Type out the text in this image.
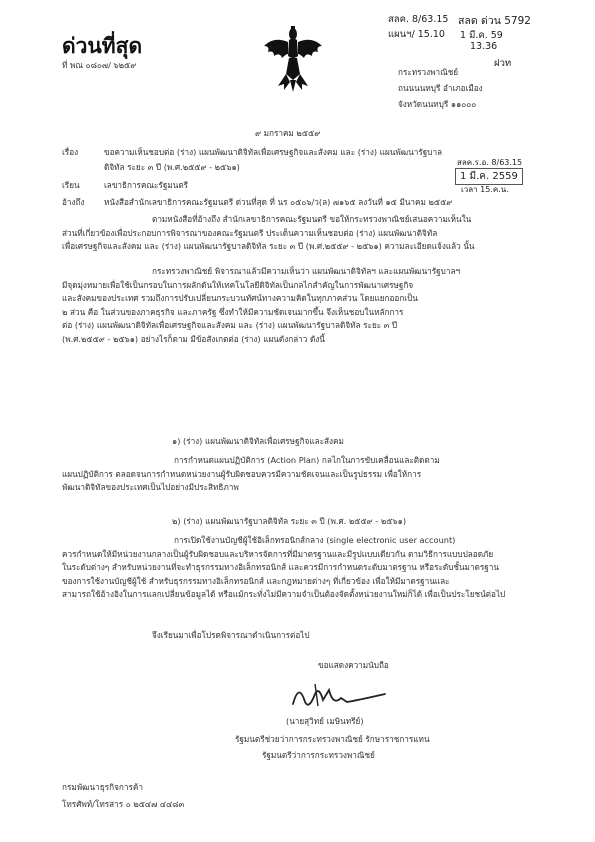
ด่วนที่สุด
ที่ พณ ๐๘๐๗/ ๖๒๕๙
สลค. 8/63.15
แผนฯ/ 15.10
สลด ด่วน 5792
1 มี.ค. 59
13.36
ฝวท
กระทรวงพาณิชย์
ถนนนนทบุรี อำเภอเมือง
จังหวัดนนทบุรี ๑๑๐๐๐
๙ มกราคม ๒๕๕๙
เรื่อง	ขอความเห็นชอบต่อ (ร่าง) แผนพัฒนาดิจิทัลเพื่อเศรษฐกิจและสังคม และ (ร่าง) แผนพัฒนารัฐบาล
ดิจิทัล ระยะ ๓ ปี (พ.ศ.๒๕๕๙ - ๒๕๖๑)	สลค.ร.อ. 8/63.15
1 มี.ค. 2559
เวลา 15.ค.น.
เรียน	เลขาธิการคณะรัฐมนตรี
อ้างถึง หนังสือสำนักเลขาธิการคณะรัฐมนตรี ด่วนที่สุด ที่ นร ๐๕๐๖/ว(ล) ๗๑๖๕ ลงวันที่ ๑๕ มีนาคม ๒๕๕๙
ตามหนังสือที่อ้างถึง สำนักเลขาธิการคณะรัฐมนตรี ขอให้กระทรวงพาณิชย์เสนอความเห็นใน
ส่วนที่เกี่ยวข้องเพื่อประกอบการพิจารณาของคณะรัฐมนตรี ประเด็นความเห็นชอบต่อ (ร่าง) แผนพัฒนาดิจิทัล
เพื่อเศรษฐกิจและสังคม และ (ร่าง) แผนพัฒนารัฐบาลดิจิทัล ระยะ ๓ ปี (พ.ศ.๒๕๕๙ - ๒๕๖๑) ความละเอียดแจ้งแล้ว นั้น
กระทรวงพาณิชย์ พิจารณาแล้วมีความเห็นว่า แผนพัฒนาดิจิทัลฯ และแผนพัฒนารัฐบาลฯ
มีจุดมุ่งหมายเพื่อใช้เป็นกรอบในการผลักดันให้เทคโนโลยีดิจิทัลเป็นกลไกสำคัญในการพัฒนาเศรษฐกิจ
และสังคมของประเทศ รวมถึงการปรับเปลี่ยนกระบวนทัศน์ทางความคิดในทุกภาคส่วน โดยแยกออกเป็น
๒ ส่วน คือ ในส่วนของภาคธุรกิจ และภาครัฐ ซึ่งทำให้มีความชัดเจนมากขึ้น จึงเห็นชอบในหลักการ
ต่อ (ร่าง) แผนพัฒนาดิจิทัลเพื่อเศรษฐกิจและสังคม และ (ร่าง) แผนพัฒนารัฐบาลดิจิทัล ระยะ ๓ ปี
(พ.ศ.๒๕๕๙ - ๒๕๖๑) อย่างไรก็ตาม มีข้อสังเกตต่อ (ร่าง) แผนดังกล่าว ดังนี้
๑) (ร่าง) แผนพัฒนาดิจิทัลเพื่อเศรษฐกิจและสังคม
การกำหนดแผนปฏิบัติการ (Action Plan) กลไกในการขับเคลื่อนและติดตาม
แผนปฏิบัติการ ตลอดจนการกำหนดหน่วยงานผู้รับผิดชอบควรมีความชัดเจนและเป็นรูปธรรม เพื่อให้การ
พัฒนาดิจิทัลของประเทศเป็นไปอย่างมีประสิทธิภาพ
๒) (ร่าง) แผนพัฒนารัฐบาลดิจิทัล ระยะ ๓ ปี (พ.ศ. ๒๕๕๙ - ๒๕๖๑)
การเปิดใช้งานบัญชีผู้ใช้อิเล็กทรอนิกส์กลาง (single electronic user account)
ควรกำหนดให้มีหน่วยงานกลางเป็นผู้รับผิดชอบและบริหารจัดการที่มีมาตรฐานและมีรูปแบบเดียวกัน ตามวิธีการแบบปลอดภัย
ในระดับต่างๆ สำหรับหน่วยงานที่จะทำธุรกรรมทางอิเล็กทรอนิกส์ และควรมีการกำหนดระดับมาตรฐาน หรือระดับชั้นมาตรฐาน
ของการใช้งานบัญชีผู้ใช้ สำหรับธุรกรรมทางอิเล็กทรอนิกส์ และกฎหมายต่างๆ ที่เกี่ยวข้อง เพื่อให้มีมาตรฐานและ
สามารถใช้อ้างอิงในการแลกเปลี่ยนข้อมูลได้ หรือแม้กระทั่งไม่มีความจำเป็นต้องจัดตั้งหน่วยงานใหม่ก็ได้ เพื่อเป็นประโยชน์ต่อไป
จึงเรียนมาเพื่อโปรดพิจารณาดำเนินการต่อไป
ขอแสดงความนับถือ
(นายสุวิทย์ เมษินทรีย์)
รัฐมนตรีช่วยว่าการกระทรวงพาณิชย์ รักษาราชการแทน
รัฐมนตรีว่าการกระทรวงพาณิชย์
กรมพัฒนาธุรกิจการค้า
โทรศัพท์/โทรสาร ๐ ๒๕๔๗ ๔๔๘๓
